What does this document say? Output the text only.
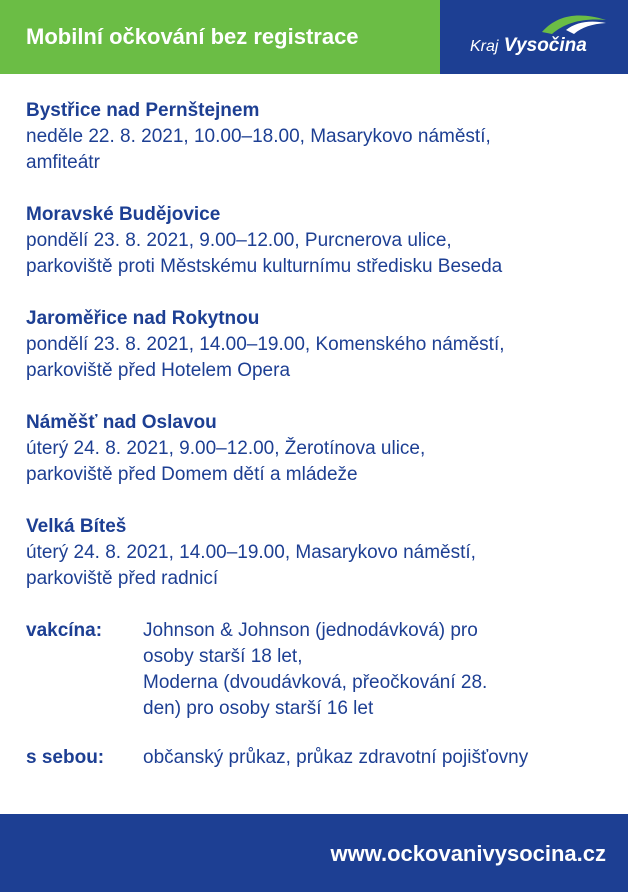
Mobilní očkování bez registrace	Kraj Vysočina
Bystřice nad Pernštejnem
neděle 22. 8. 2021, 10.00–18.00, Masarykovo náměstí,
amfiteátr
Moravské Budějovice
pondělí 23. 8. 2021, 9.00–12.00, Purcnerova ulice,
parkoviště proti Městskému kulturnímu středisku Beseda
Jaroměřice nad Rokytnou
pondělí 23. 8. 2021, 14.00–19.00, Komenského náměstí,
parkoviště před Hotelem Opera
Náměšť nad Oslavou
úterý 24. 8. 2021, 9.00–12.00, Žerotínova ulice,
parkoviště před Domem dětí a mládeže
Velká Bíteš
úterý 24. 8. 2021, 14.00–19.00, Masarykovo náměstí,
parkoviště před radnicí
vakcína:	Johnson & Johnson (jednodávková) pro
osoby starší 18 let,
Moderna (dvoudávková, přeočkování 28.
den) pro osoby starší 16 let
s sebou:	občanský průkaz, průkaz zdravotní pojišťovny
www.ockovanivysocina.cz
